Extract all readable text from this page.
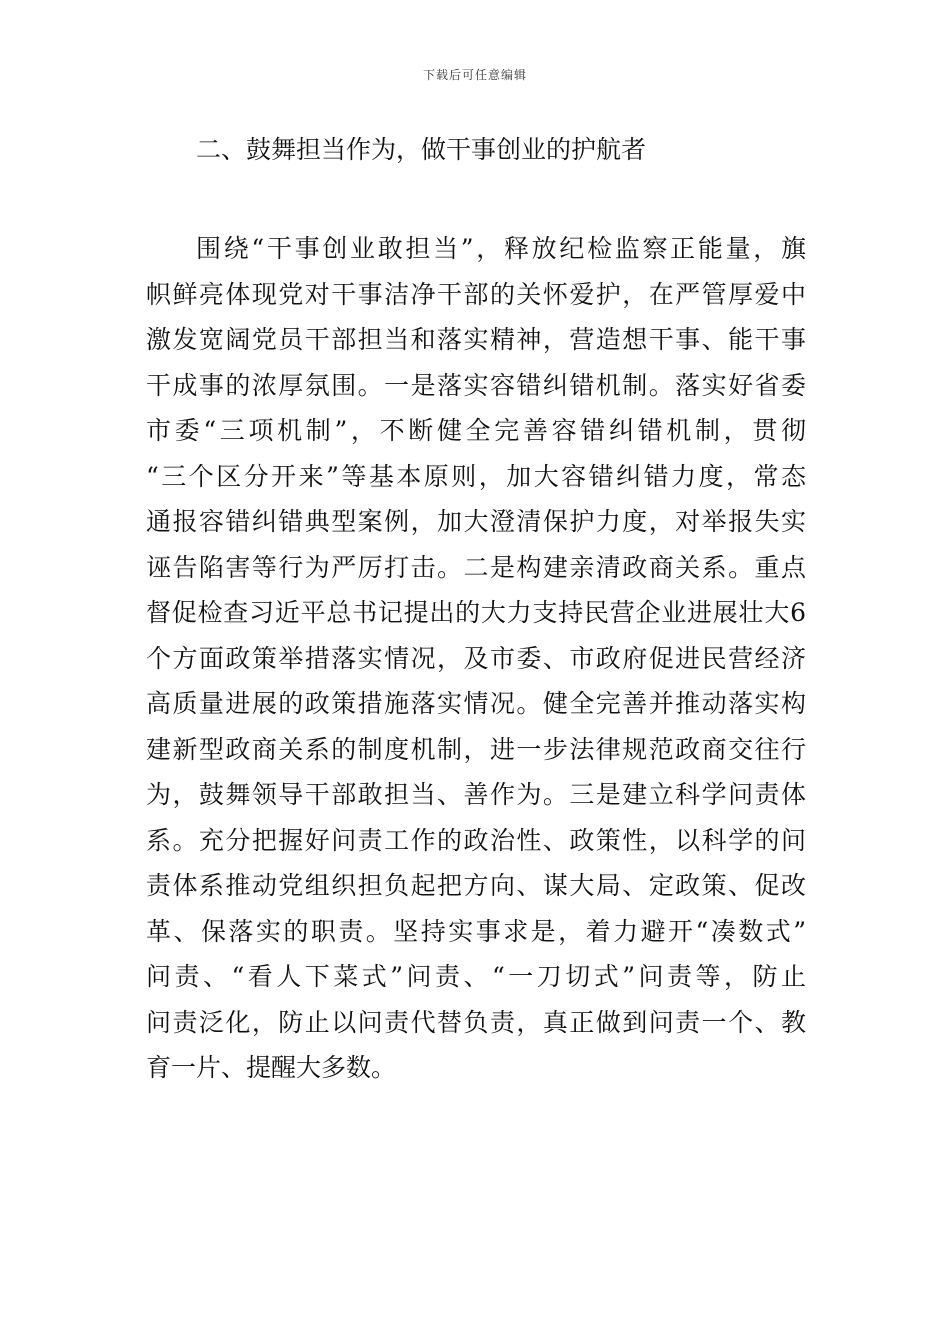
下载后可任意编辑
二、鼓舞担当作为，做干事创业的护航者
围绕“干事创业敢担当”，释放纪检监察正能量，旗
帜鲜亮体现党对干事洁净干部的关怀爱护，在严管厚爱中
激发宽阔党员干部担当和落实精神，营造想干事、能干事
干成事的浓厚氛围。一是落实容错纠错机制。落实好省委
市委“三项机制”，不断健全完善容错纠错机制，贯彻
“三个区分开来”等基本原则，加大容错纠错力度，常态
通报容错纠错典型案例，加大澄清保护力度，对举报失实
诬告陷害等行为严厉打击。二是构建亲清政商关系。重点
督促检查习近平总书记提出的大力支持民营企业进展壮大6
个方面政策举措落实情况，及市委、市政府促进民营经济
高质量进展的政策措施落实情况。健全完善并推动落实构
建新型政商关系的制度机制，进一步法律规范政商交往行
为，鼓舞领导干部敢担当、善作为。三是建立科学问责体
系。充分把握好问责工作的政治性、政策性，以科学的问
责体系推动党组织担负起把方向、谋大局、定政策、促改
革、保落实的职责。坚持实事求是，着力避开“凑数式”
问责、“看人下菜式”问责、“一刀切式”问责等，防止
问责泛化，防止以问责代替负责，真正做到问责一个、教
育一片、提醒大多数。
